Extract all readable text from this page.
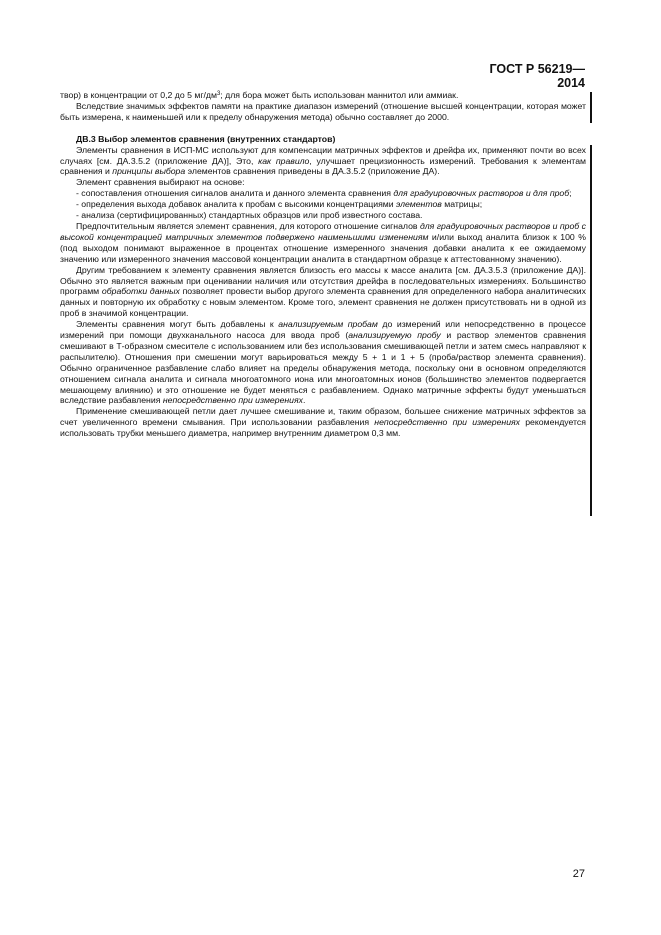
ГОСТ Р 56219—2014

твор) в концентрации от 0,2 до 5 $мг/дм^3$; для бора может быть использован маннитол или аммиак.

Вследствие значимых эффектов памяти на практике диапазон измерений (отношение высшей концентрации, которая может быть измерена, к наименьшей или к пределу обнаружения метода) обычно составляет до 2000.

ДВ.3 Выбор элементов сравнения (внутренних стандартов)

Элементы сравнения в ИСП-МС используют для компенсации матричных эффектов и дрейфа их, применяют почти во всех случаях [см. ДА.3.5.2 (приложение ДА)], Это, как правило, улучшает прецизионность измерений. Требования к элементам сравнения и принципы выбора элементов сравнения приведены в ДА.3.5.2 (приложение ДА).

Элемент сравнения выбирают на основе:

- сопоставления отношения сигналов аналита и данного элемента сравнения для градуировочных растворов и для проб;

- определения выхода добавок аналита к пробам с высокими концентрациями элементов матрицы;

- анализа (сертифицированных) стандартных образцов или проб известного состава.

Предпочтительным является элемент сравнения, для которого отношение сигналов для градуировочных растворов и проб с высокой концентрацией матричных элементов подвержено наименьшими изменениям и/или выход аналита близок к 100 % (под выходом понимают выраженное в процентах отношение измеренного значения добавки аналита к ее ожидаемому значению или измеренного значения массовой концентрации аналита в стандартном образце к аттестованному значению).

Другим требованием к элементу сравнения является близость его массы к массе аналита [см. ДА.3.5.3 (приложение ДА)]. Обычно это является важным при оценивании наличия или отсутствия дрейфа в последовательных измерениях. Большинство программ обработки данных позволяет провести выбор другого элемента сравнения для определенного набора аналитических данных и повторную их обработку с новым элементом. Кроме того, элемент сравнения не должен присутствовать ни в одной из проб в значимой концентрации.

Элементы сравнения могут быть добавлены к анализируемым пробам до измерений или непосредственно в процессе измерений при помощи двухканального насоса для ввода проб (анализируемую пробу и раствор элементов сравнения смешивают в Т-образном смесителе с использованием или без использования смешивающей петли и затем смесь направляют к распылителю). Отношения при смешении могут варьироваться между 5 + 1 и 1 + 5 (проба/раствор элемента сравнения). Обычно ограниченное разбавление слабо влияет на пределы обнаружения метода, поскольку они в основном определяются отношением сигнала аналита и сигнала многоатомного иона или многоатомных ионов (большинство элементов подвергается мешающему влиянию) и это отношение не будет меняться с разбавлением. Однако матричные эффекты будут уменьшаться вследствие разбавления непосредственно при измерениях.

Применение смешивающей петли дает лучшее смешивание и, таким образом, большее снижение матричных эффектов за счет увеличенного времени смывания. При использовании разбавления непосредственно при измерениях рекомендуется использовать трубки меньшего диаметра, например внутренним диаметром 0,3 мм.

27
